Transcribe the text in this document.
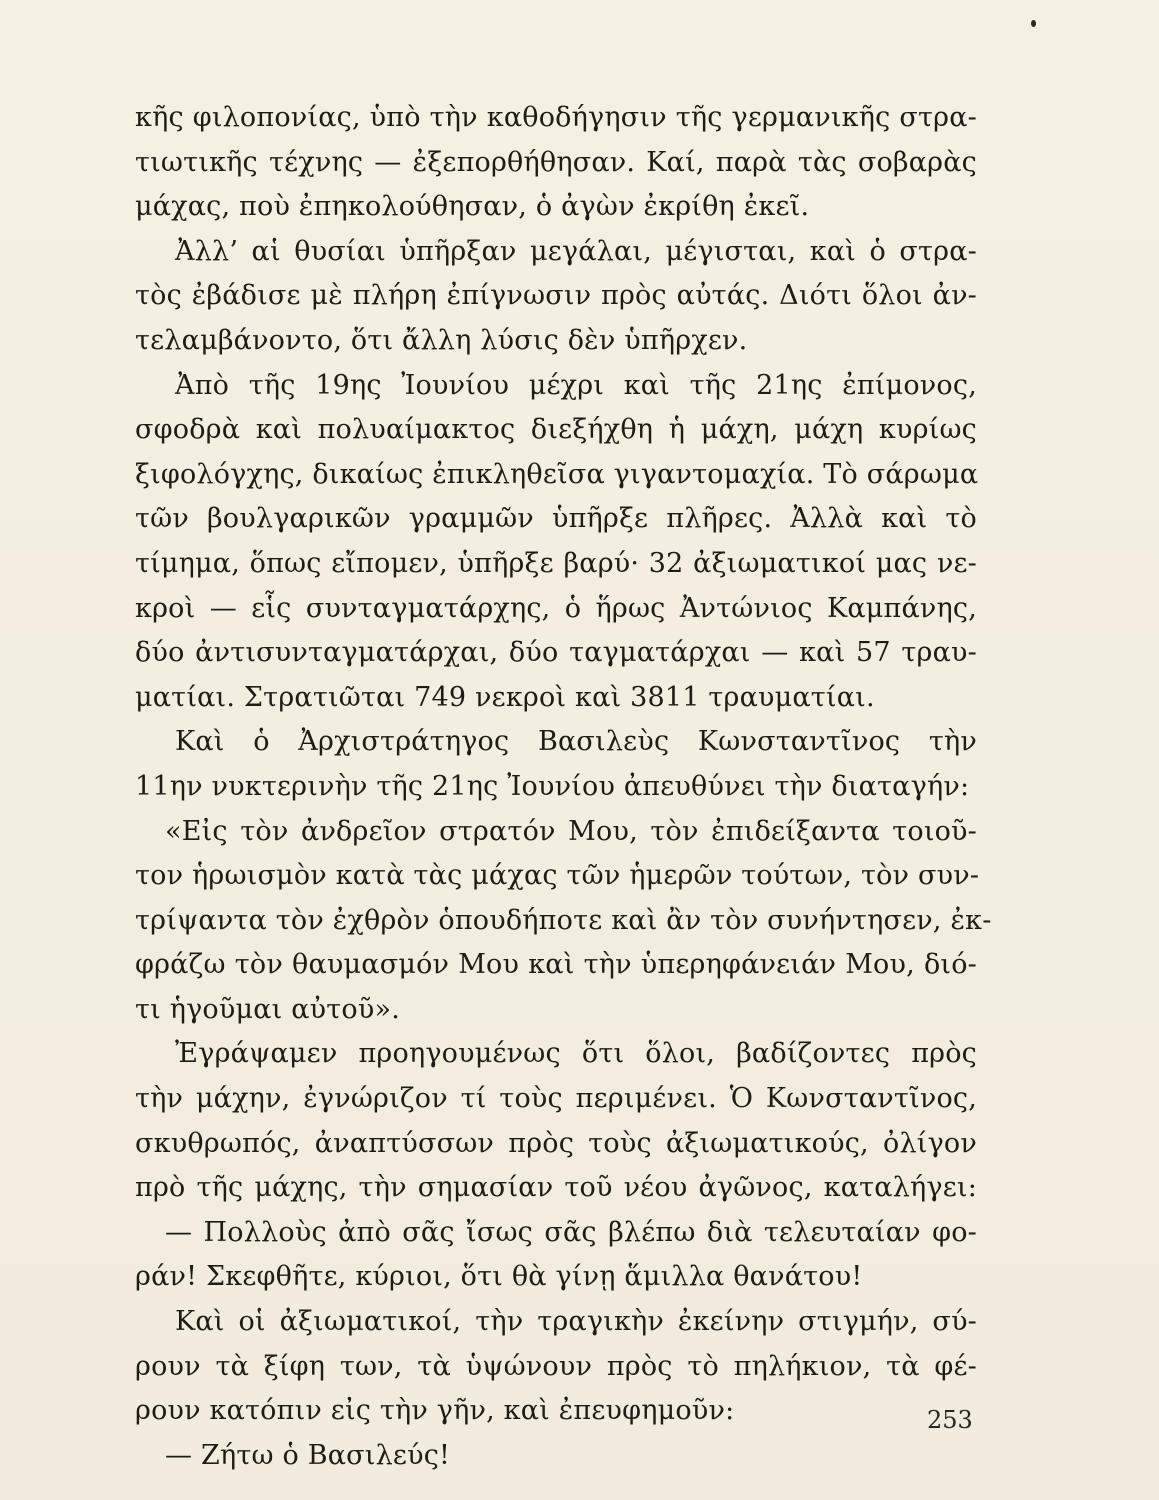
κῆς φιλοπονίας, ὑπὸ τὴν καθοδήγησιν τῆς γερμανικῆς στρα-
τιωτικῆς τέχνης — ἐξεπορθήθησαν. Καί, παρὰ τὰς σοβαρὰς
μάχας, ποὺ ἐπηκολούθησαν, ὁ ἀγὼν ἐκρίθη ἐκεῖ.
Ἀλλ’ αἱ θυσίαι ὑπῆρξαν μεγάλαι, μέγισται, καὶ ὁ στρα-
τὸς ἐβάδισε μὲ πλήρη ἐπίγνωσιν πρὸς αὐτάς. Διότι ὅλοι ἀν-
τελαμβάνοντο, ὅτι ἄλλη λύσις δὲν ὑπῆρχεν.
Ἀπὸ τῆς 19ης Ἰουνίου μέχρι καὶ τῆς 21ης ἐπίμονος,
σφοδρὰ καὶ πολυαίμακτος διεξήχθη ἡ μάχη, μάχη κυρίως
ξιφολόγχης, δικαίως ἐπικληθεῖσα γιγαντομαχία. Τὸ σάρωμα
τῶν βουλγαρικῶν γραμμῶν ὑπῆρξε πλῆρες. Ἀλλὰ καὶ τὸ
τίμημα, ὅπως εἴπομεν, ὑπῆρξε βαρύ· 32 ἀξιωματικοί μας νε-
κροὶ — εἷς συνταγματάρχης, ὁ ἥρως Ἀντώνιος Καμπάνης,
δύο ἀντισυνταγματάρχαι, δύο ταγματάρχαι — καὶ 57 τραυ-
ματίαι. Στρατιῶται 749 νεκροὶ καὶ 3811 τραυματίαι.
Καὶ ὁ Ἀρχιστράτηγος Βασιλεὺς Κωνσταντῖνος τὴν
11ην νυκτερινὴν τῆς 21ης Ἰουνίου ἀπευθύνει τὴν διαταγήν:
«Εἰς τὸν ἀνδρεῖον στρατόν Μου, τὸν ἐπιδείξαντα τοιοῦ-
τον ἡρωισμὸν κατὰ τὰς μάχας τῶν ἡμερῶν τούτων, τὸν συν-
τρίψαντα τὸν ἐχθρὸν ὁπουδήποτε καὶ ἂν τὸν συνήντησεν, ἐκ-
φράζω τὸν θαυμασμόν Μου καὶ τὴν ὑπερηφάνειάν Μου, διό-
τι ἡγοῦμαι αὐτοῦ».
Ἐγράψαμεν προηγουμένως ὅτι ὅλοι, βαδίζοντες πρὸς
τὴν μάχην, ἐγνώριζον τί τοὺς περιμένει. Ὁ Κωνσταντῖνος,
σκυθρωπός, ἀναπτύσσων πρὸς τοὺς ἀξιωματικούς, ὀλίγον
πρὸ τῆς μάχης, τὴν σημασίαν τοῦ νέου ἀγῶνος, καταλήγει:
— Πολλοὺς ἀπὸ σᾶς ἴσως σᾶς βλέπω διὰ τελευταίαν φο-
ράν! Σκεφθῆτε, κύριοι, ὅτι θὰ γίνῃ ἅμιλλα θανάτου!
Καὶ οἱ ἀξιωματικοί, τὴν τραγικὴν ἐκείνην στιγμήν, σύ-
ρουν τὰ ξίφη των, τὰ ὑψώνουν πρὸς τὸ πηλήκιον, τὰ φέ-
ρουν κατόπιν εἰς τὴν γῆν, καὶ ἐπευφημοῦν:
— Ζήτω ὁ Βασιλεύς!
253
